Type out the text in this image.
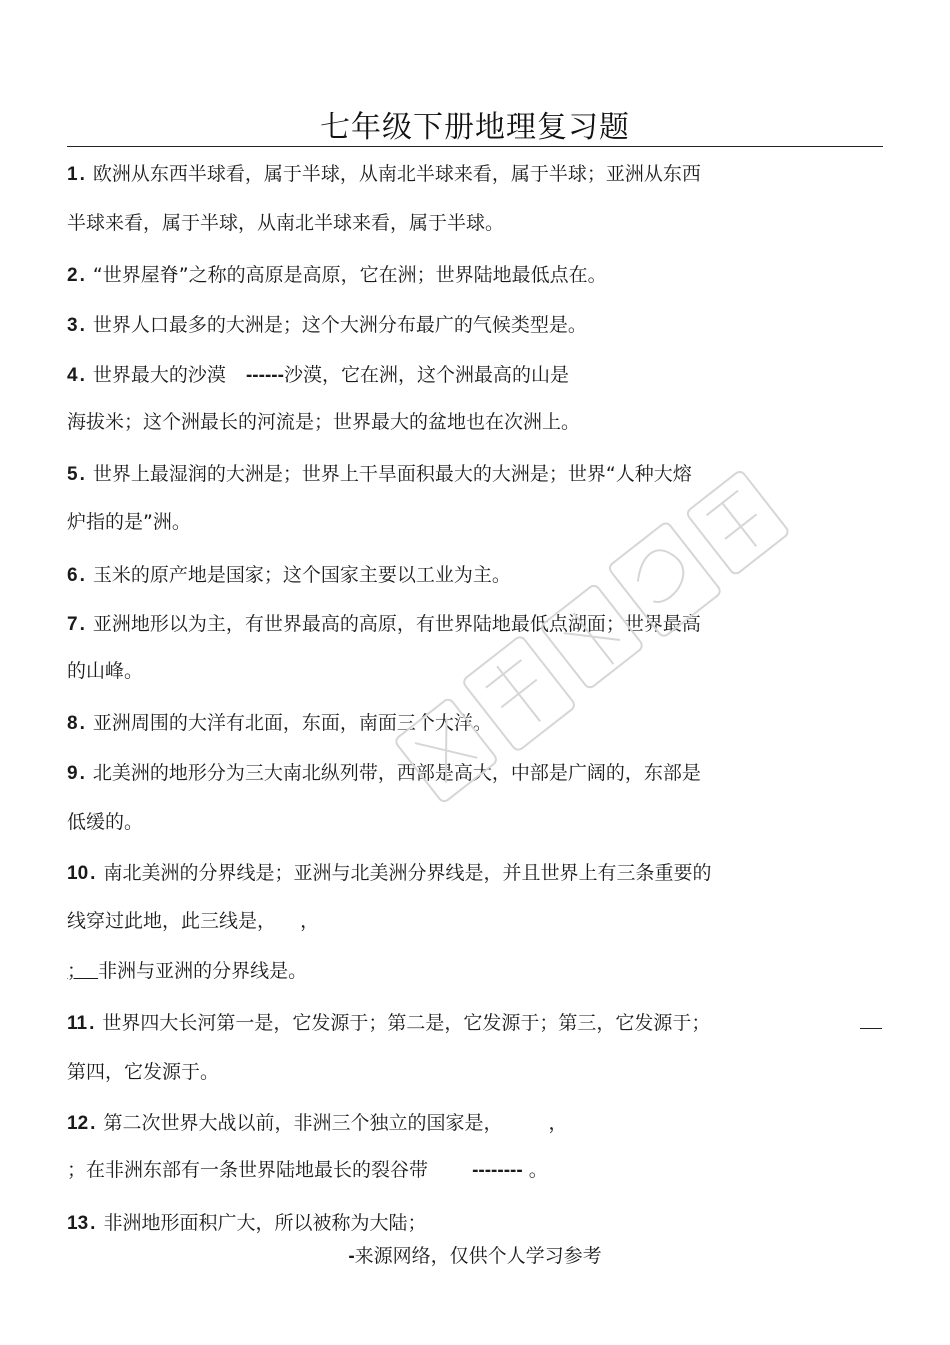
七年级下册地理复习题
1 . 欧洲从东西半球看，属于半球，从南北半球来看，属于半球；亚洲从东西
半球来看，属于半球，从南北半球来看，属于半球。
2 . “世界屋脊”之称的高原是高原，它在洲；世界陆地最低点在。
3 . 世界人口最多的大洲是；这个大洲分布最广的气候类型是。
4 . 世界最大的沙漠 ------沙漠，它在洲，这个洲最高的山是
海拔米；这个洲最长的河流是；世界最大的盆地也在次洲上。
5 . 世界上最湿润的大洲是；世界上干旱面积最大的大洲是；世界“人种大熔
炉指的是”洲。
6 . 玉米的原产地是国家；这个国家主要以工业为主。
7 . 亚洲地形以为主，有世界最高的高原，有世界陆地最低点湖面；世界最高
的山峰。
8 . 亚洲周围的大洋有北面，东面，南面三个大洋。
9 . 北美洲的地形分为三大南北纵列带，西部是高大，中部是广阔的，东部是
低缓的。
10 . 南北美洲的分界线是；亚洲与北美洲分界线是，并且世界上有三条重要的
线穿过此地，此三线是，    ，
； 非洲与亚洲的分界线是。
11 . 世界四大长河第一是，它发源于；第二是，它发源于；第三，它发源于；
第四，它发源于。
12 . 第二次世界大战以前，非洲三个独立的国家是， ，
；在非洲东部有一条世界陆地最长的裂谷带 -------- 。
13 . 非洲地形面积广大，所以被称为大陆；
-来源网络，仅供个人学习参考
